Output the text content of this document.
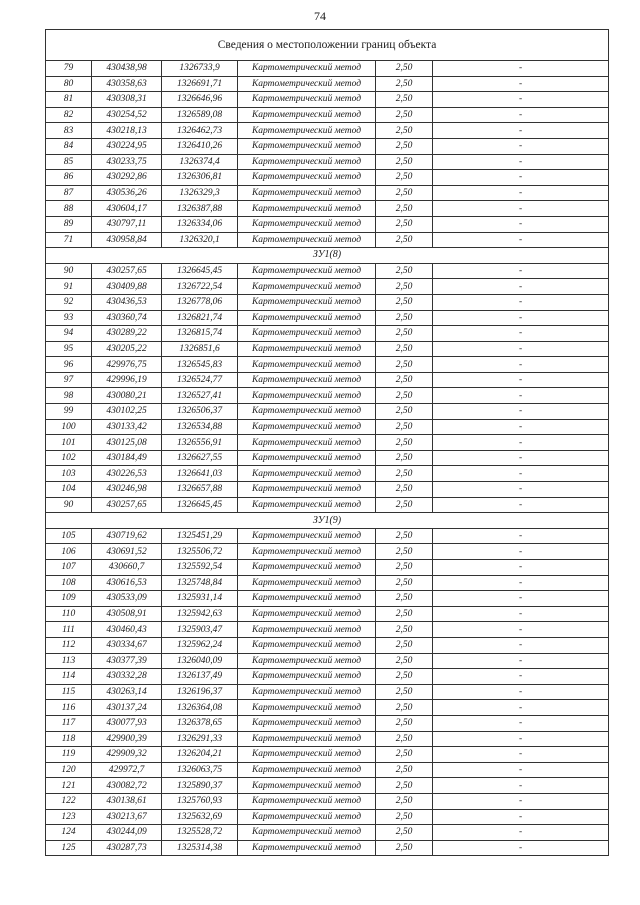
74
Сведения о местоположении границ объекта					
79	430438,98	1326733,9	Картометрический метод	2,50	-
80	430358,63	1326691,71	Картометрический метод	2,50	-
81	430308,31	1326646,96	Картометрический метод	2,50	-
82	430254,52	1326589,08	Картометрический метод	2,50	-
83	430218,13	1326462,73	Картометрический метод	2,50	-
84	430224,95	1326410,26	Картометрический метод	2,50	-
85	430233,75	1326374,4	Картометрический метод	2,50	-
86	430292,86	1326306,81	Картометрический метод	2,50	-
87	430536,26	1326329,3	Картометрический метод	2,50	-
88	430604,17	1326387,88	Картометрический метод	2,50	-
89	430797,11	1326334,06	Картометрический метод	2,50	-
71	430958,84	1326320,1	Картометрический метод	2,50	-
ЗУ1(8)					
90	430257,65	1326645,45	Картометрический метод	2,50	-
91	430409,88	1326722,54	Картометрический метод	2,50	-
92	430436,53	1326778,06	Картометрический метод	2,50	-
93	430360,74	1326821,74	Картометрический метод	2,50	-
94	430289,22	1326815,74	Картометрический метод	2,50	-
95	430205,22	1326851,6	Картометрический метод	2,50	-
96	429976,75	1326545,83	Картометрический метод	2,50	-
97	429996,19	1326524,77	Картометрический метод	2,50	-
98	430080,21	1326527,41	Картометрический метод	2,50	-
99	430102,25	1326506,37	Картометрический метод	2,50	-
100	430133,42	1326534,88	Картометрический метод	2,50	-
101	430125,08	1326556,91	Картометрический метод	2,50	-
102	430184,49	1326627,55	Картометрический метод	2,50	-
103	430226,53	1326641,03	Картометрический метод	2,50	-
104	430246,98	1326657,88	Картометрический метод	2,50	-
90	430257,65	1326645,45	Картометрический метод	2,50	-
ЗУ1(9)					
105	430719,62	1325451,29	Картометрический метод	2,50	-
106	430691,52	1325506,72	Картометрический метод	2,50	-
107	430660,7	1325592,54	Картометрический метод	2,50	-
108	430616,53	1325748,84	Картометрический метод	2,50	-
109	430533,09	1325931,14	Картометрический метод	2,50	-
110	430508,91	1325942,63	Картометрический метод	2,50	-
111	430460,43	1325903,47	Картометрический метод	2,50	-
112	430334,67	1325962,24	Картометрический метод	2,50	-
113	430377,39	1326040,09	Картометрический метод	2,50	-
114	430332,28	1326137,49	Картометрический метод	2,50	-
115	430263,14	1326196,37	Картометрический метод	2,50	-
116	430137,24	1326364,08	Картометрический метод	2,50	-
117	430077,93	1326378,65	Картометрический метод	2,50	-
118	429900,39	1326291,33	Картометрический метод	2,50	-
119	429909,32	1326204,21	Картометрический метод	2,50	-
120	429972,7	1326063,75	Картометрический метод	2,50	-
121	430082,72	1325890,37	Картометрический метод	2,50	-
122	430138,61	1325760,93	Картометрический метод	2,50	-
123	430213,67	1325632,69	Картометрический метод	2,50	-
124	430244,09	1325528,72	Картометрический метод	2,50	-
125	430287,73	1325314,38	Картометрический метод	2,50	-
